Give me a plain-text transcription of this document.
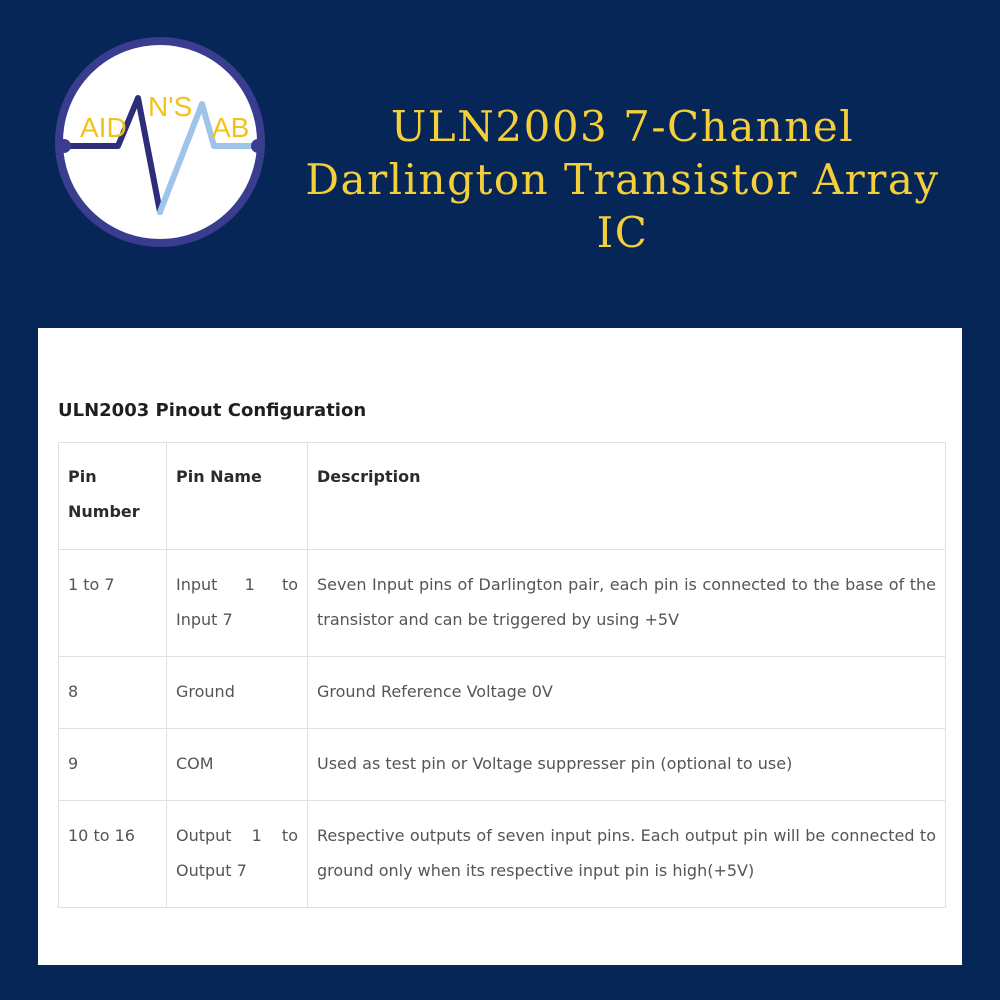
AID
N'S
AB	ULN2003 7-Channel
Darlington Transistor Array
IC
ULN2003 Pinout Configuration
Pin Number	Pin Name	Description
1 to 7	Input 1 to Input 7	Seven Input pins of Darlington pair, each pin is connected to the base of the transistor and can be triggered by using +5V
8	Ground	Ground Reference Voltage 0V
9	COM	Used as test pin or Voltage suppresser pin (optional to use)
10 to 16	Output 1 to Output 7	Respective outputs of seven input pins. Each output pin will be connected to ground only when its respective input pin is high(+5V)
